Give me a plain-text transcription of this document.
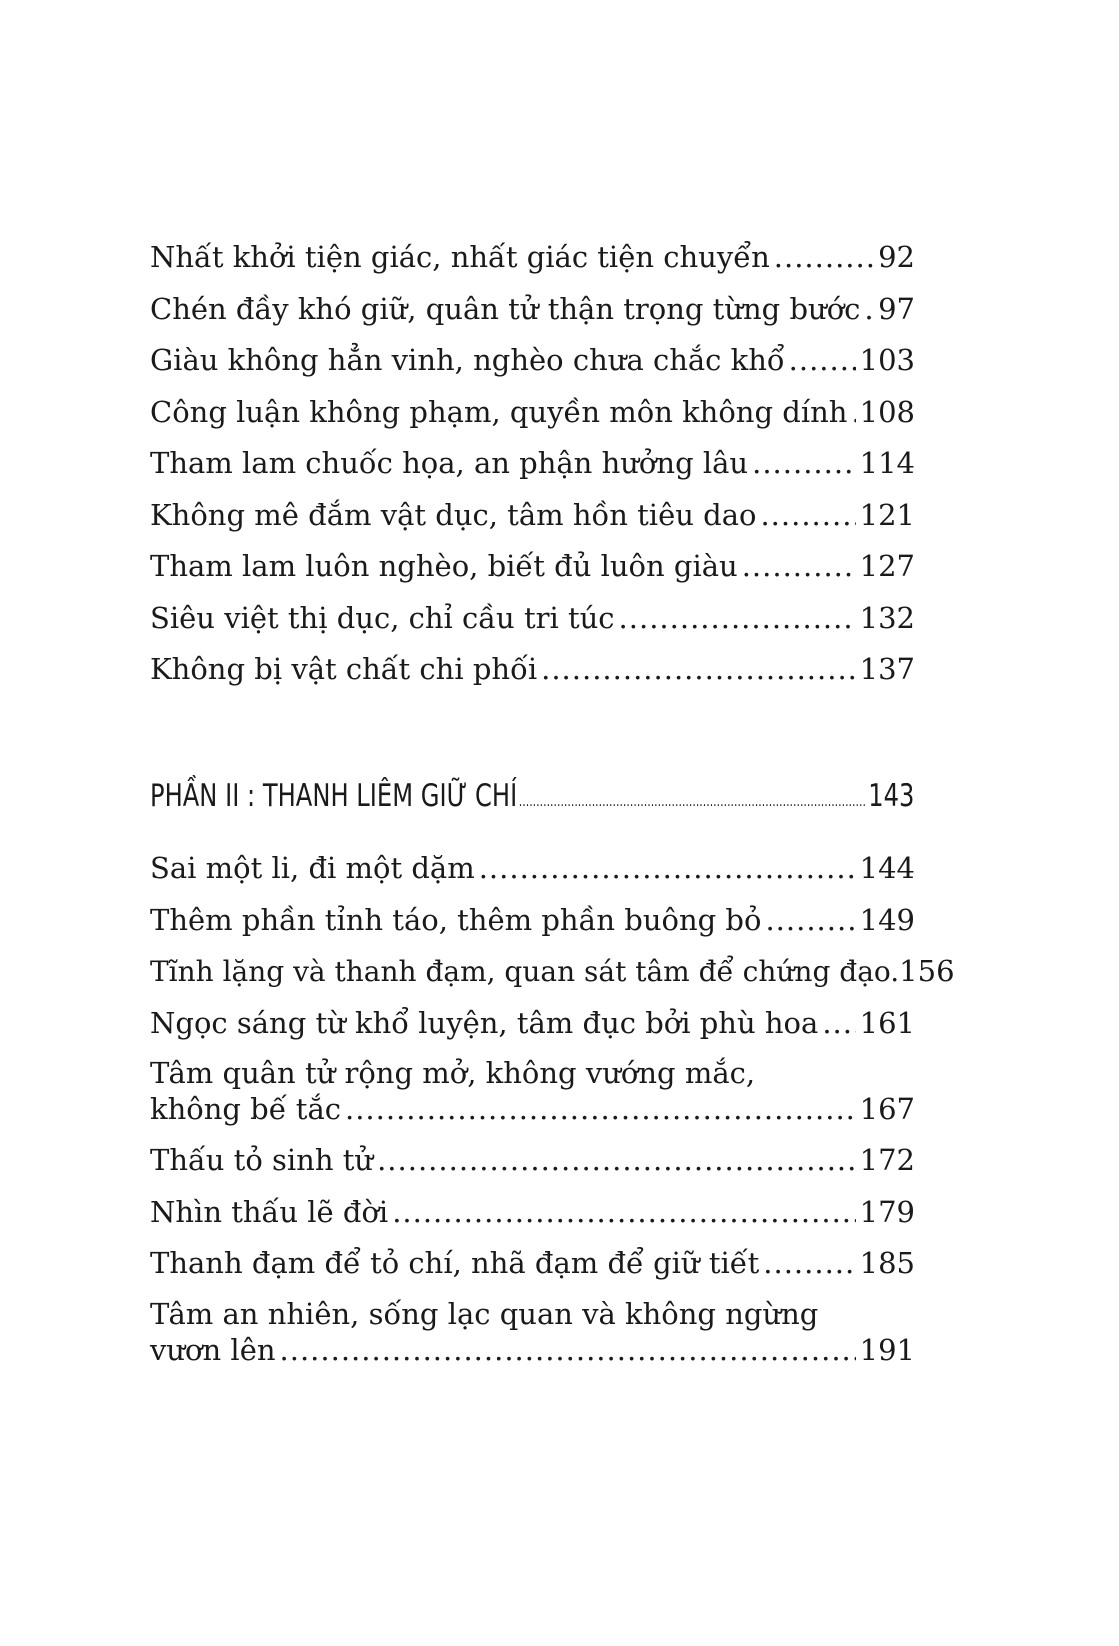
Nhất khởi tiện giác, nhất giác tiện chuyển .....	92
Chén đầy khó giữ, quân tử thận trọng từng bước ..... 97
Giàu không hẳn vinh, nghèo chưa chắc khổ .....	103
Công luận không phạm, quyền môn không dính ..... 108
Tham lam chuốc họa, an phận hưởng lâu .....	114
Không mê đắm vật dục, tâm hồn tiêu dao .....	121
Tham lam luôn nghèo, biết đủ luôn giàu .....	127
Siêu việt thị dục, chỉ cầu tri túc .....	132
Không bị vật chất chi phối .....	137
PHẦN II : THANH LIÊM GIỮ CHÍ .....	143
Sai một li, đi một dặm .....	144
Thêm phần tỉnh táo, thêm phần buông bỏ .....	149
Tĩnh lặng và thanh đạm, quan sát tâm để chứng đạo. 156
Ngọc sáng từ khổ luyện, tâm đục bởi phù hoa ..... 161
Tâm quân tử rộng mở, không vướng mắc,
không bế tắc .....	167
Thấu tỏ sinh tử .....	172
Nhìn thấu lẽ đời .....	179
Thanh đạm để tỏ chí, nhã đạm để giữ tiết .....	185
Tâm an nhiên, sống lạc quan và không ngừng
vươn lên .....	191
